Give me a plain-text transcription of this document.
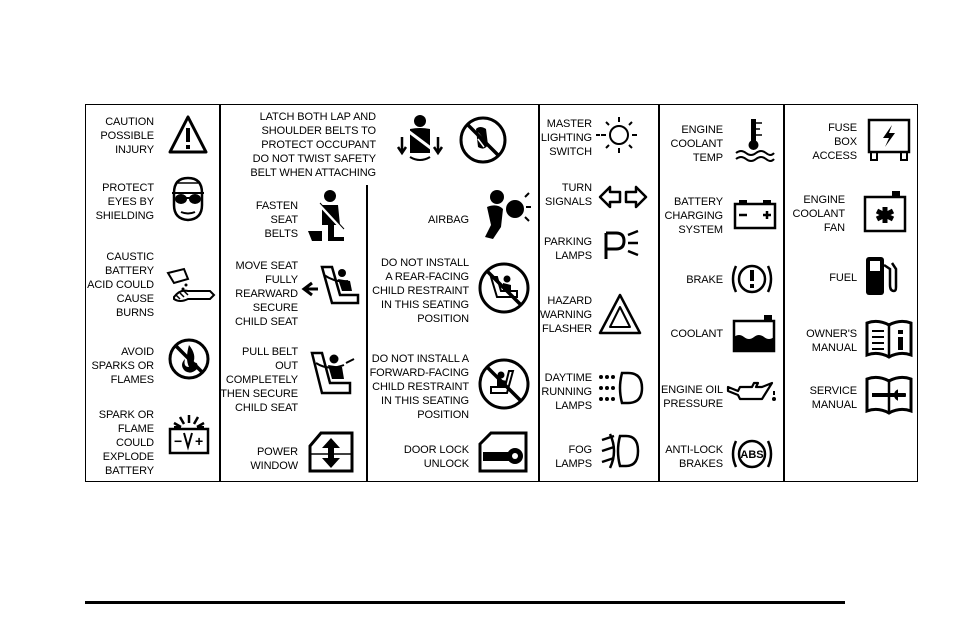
CAUTION
POSSIBLE
INJURY
PROTECT
EYES BY
SHIELDING
CAUSTIC
BATTERY
ACID COULD
CAUSE
BURNS
AVOID
SPARKS OR
FLAMES
SPARK OR
FLAME
COULD
EXPLODE
BATTERY
− +
LATCH BOTH LAP AND
SHOULDER BELTS TO
PROTECT OCCUPANT
DO NOT TWIST SAFETY
BELT WHEN ATTACHING
FASTEN
SEAT
BELTS
MOVE SEAT
FULLY
REARWARD
SECURE
CHILD SEAT
PULL BELT
OUT
COMPLETELY
THEN SECURE
CHILD SEAT
POWER
WINDOW
AIRBAG
DO NOT INSTALL
A REAR-FACING
CHILD RESTRAINT
IN THIS SEATING
POSITION
DO NOT INSTALL A
FORWARD-FACING
CHILD RESTRAINT
IN THIS SEATING
POSITION
DOOR LOCK
UNLOCK
MASTER
LIGHTING
SWITCH
TURN
SIGNALS
PARKING
LAMPS
HAZARD
WARNING
FLASHER
DAYTIME
RUNNING
LAMPS
FOG
LAMPS
ENGINE
COOLANT
TEMP
BATTERY
CHARGING
SYSTEM
BRAKE
COOLANT
ENGINE OIL
PRESSURE
ANTI-LOCK
BRAKES
ABS
FUSE
BOX
ACCESS
ENGINE
COOLANT
FAN
FUEL
OWNER'S
MANUAL
SERVICE
MANUAL
